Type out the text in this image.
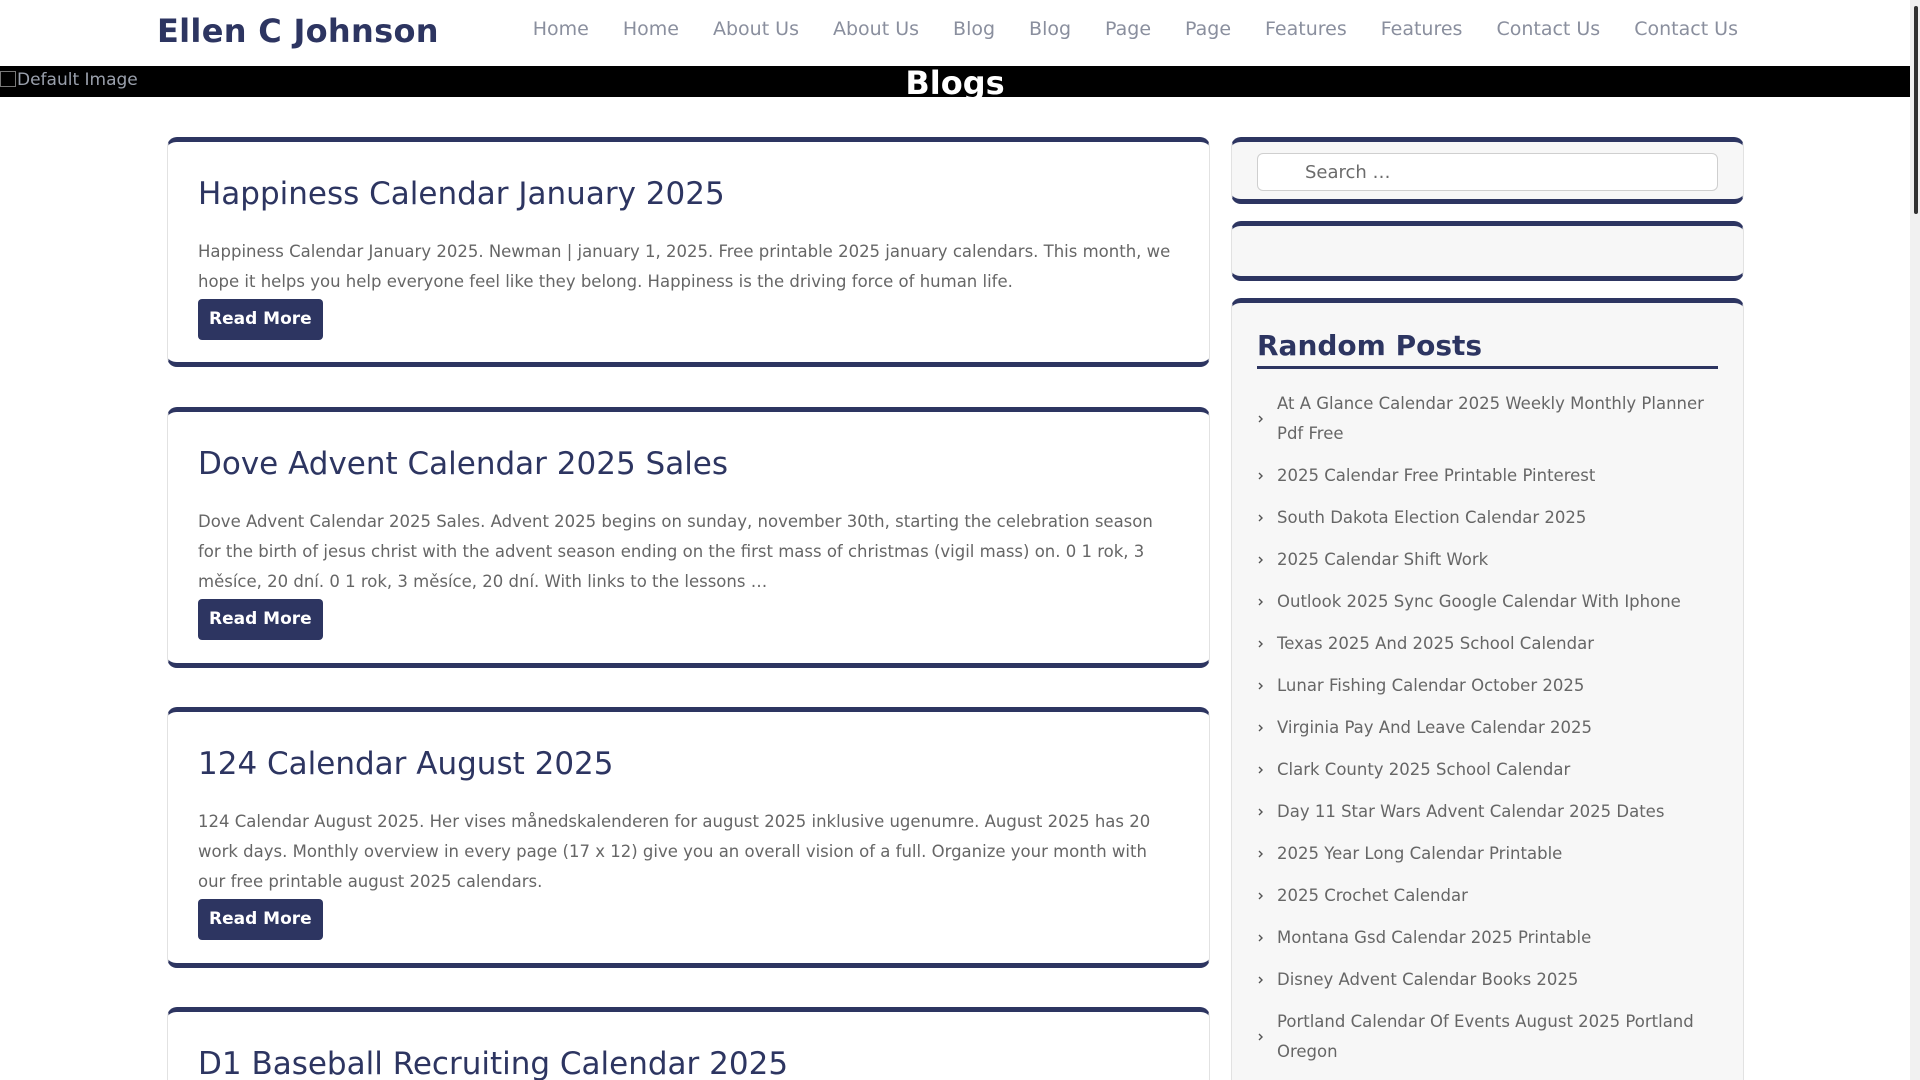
Ellen C Johnson	Home Home About Us About Us Blog Blog Page Page Features Features Contact Us Contact Us
Default Image	Blogs
Happiness Calendar January 2025

Happiness Calendar January 2025. Newman | january 1, 2025. Free printable 2025 january calendars. This month, we hope it helps you help everyone feel like they belong. Happiness is the driving force of human life.

Read More
Dove Advent Calendar 2025 Sales

Dove Advent Calendar 2025 Sales. Advent 2025 begins on sunday, november 30th, starting the celebration season for the birth of jesus christ with the advent season ending on the first mass of christmas (vigil mass) on. 0 1 rok, 3 měsíce, 20 dní. 0 1 rok, 3 měsíce, 20 dní. With links to the lessons …

Read More
124 Calendar August 2025

124 Calendar August 2025. Her vises månedskalenderen for august 2025 inklusive ugenumre. August 2025 has 20 work days. Monthly overview in every page (17 x 12) give you an overall vision of a full. Organize your month with our free printable august 2025 calendars.

Read More
D1 Baseball Recruiting Calendar 2025
Search …
Random Posts
At A Glance Calendar 2025 Weekly Monthly Planner Pdf Free
2025 Calendar Free Printable Pinterest
South Dakota Election Calendar 2025
2025 Calendar Shift Work
Outlook 2025 Sync Google Calendar With Iphone
Texas 2025 And 2025 School Calendar
Lunar Fishing Calendar October 2025
Virginia Pay And Leave Calendar 2025
Clark County 2025 School Calendar
Day 11 Star Wars Advent Calendar 2025 Dates
2025 Year Long Calendar Printable
2025 Crochet Calendar
Montana Gsd Calendar 2025 Printable
Disney Advent Calendar Books 2025
Portland Calendar Of Events August 2025 Portland Oregon
